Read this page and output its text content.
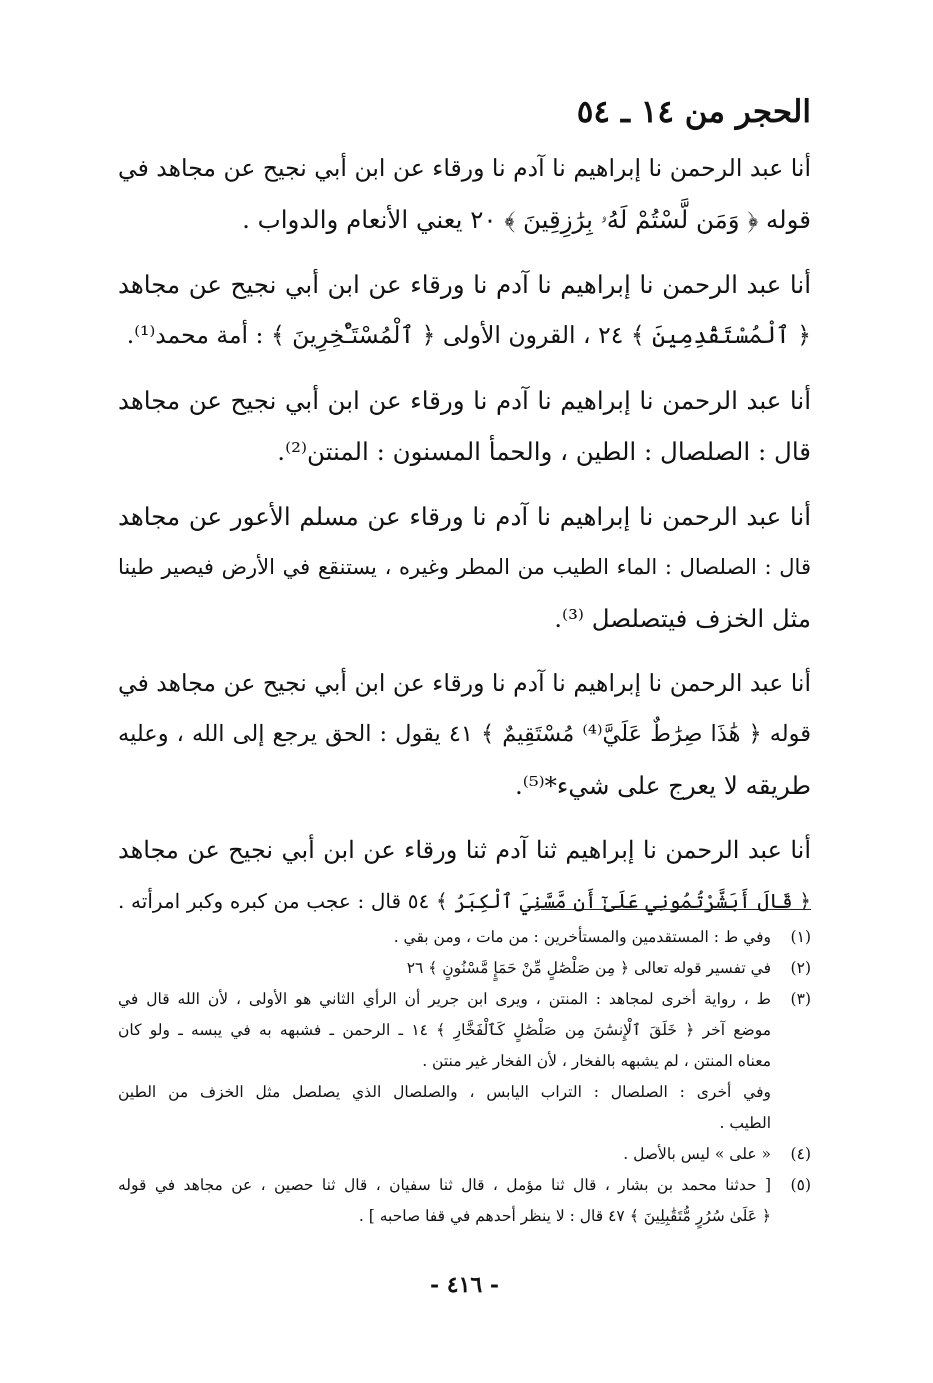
الحجر من ١٤ ـ ٥٤

أنا عبد الرحمن نا إبراهيم نا آدم نا ورقاء عن ابن أبي نجيح عن مجاهد في
قوله ﴿ وَمَن لَّسْتُمْ لَهُۥ بِرَٰزِقِينَ ﴾ ٢٠ يعني الأنعام والدواب .

أنا عبد الرحمن نا إبراهيم نا آدم نا ورقاء عن ابن أبي نجيح عن مجاهد
﴿ ٱلْمُسْتَقْدِمِينَ ﴾ ٢٤ ، القرون الأولى ﴿ ٱلْمُسْتَـْٔخِرِينَ ﴾ : أمة محمد⁽¹⁾.

أنا عبد الرحمن نا إبراهيم نا آدم نا ورقاء عن ابن أبي نجيح عن مجاهد
قال : الصلصال : الطين ، والحمأ المسنون : المنتن⁽²⁾.

أنا عبد الرحمن نا إبراهيم نا آدم نا ورقاء عن مسلم الأعور عن مجاهد
قال : الصلصال : الماء الطيب من المطر وغيره ، يستنقع في الأرض فيصير طينا
مثل الخزف فيتصلصل ⁽³⁾.

أنا عبد الرحمن نا إبراهيم نا آدم نا ورقاء عن ابن أبي نجيح عن مجاهد في
قوله ﴿ هَٰذَا صِرَٰطٌ عَلَيَّ⁽⁴⁾ مُسْتَقِيمٌ ﴾ ٤١ يقول : الحق يرجع إلى الله ، وعليه
طريقه لا يعرج على شيء*⁽⁵⁾.

أنا عبد الرحمن نا إبراهيم ثنا آدم ثنا ورقاء عن ابن أبي نجيح عن مجاهد
﴿ قَالَ أَبَشَّرْتُمُونِي عَلَىٰٓ أَن مَّسَّنِيَ ٱلْكِبَرُ ﴾ ٥٤ قال : عجب من كبره وكبر امرأته .

(١)
وفي ط : المستقدمين والمستأخرين : من مات ، ومن بقي .
(٢)
في تفسير قوله تعالى ﴿ مِن صَلْصَٰلٍ مِّنْ حَمَإٍ مَّسْنُونٍ ﴾ ٢٦
(٣)
ط ، رواية أخرى لمجاهد : المنتن ، ويرى ابن جرير أن الرأي الثاني هو الأولى ، لأن الله قال في
موضع آخر ﴿ خَلَقَ ٱلْإِنسَٰنَ مِن صَلْصَٰلٍ كَٱلْفَخَّارِ ﴾ ١٤ ـ الرحمن ـ فشبهه به في يبسه ـ ولو كان
معناه المنتن ، لم يشبهه بالفخار ، لأن الفخار غير منتن .
وفي أخرى : الصلصال : التراب اليابس ، والصلصال الذي يصلصل مثل الخزف من الطين
الطيب .
(٤)
« على » ليس بالأصل .
(٥)
[ حدثنا محمد بن بشار ، قال ثنا مؤمل ، قال ثنا سفيان ، قال ثنا حصين ، عن مجاهد في قوله
﴿ عَلَىٰ سُرُرٍ مُّتَقَٰبِلِينَ ﴾ ٤٧ قال : لا ينظر أحدهم في قفا صاحبه ] .
- ٤١٦ -
